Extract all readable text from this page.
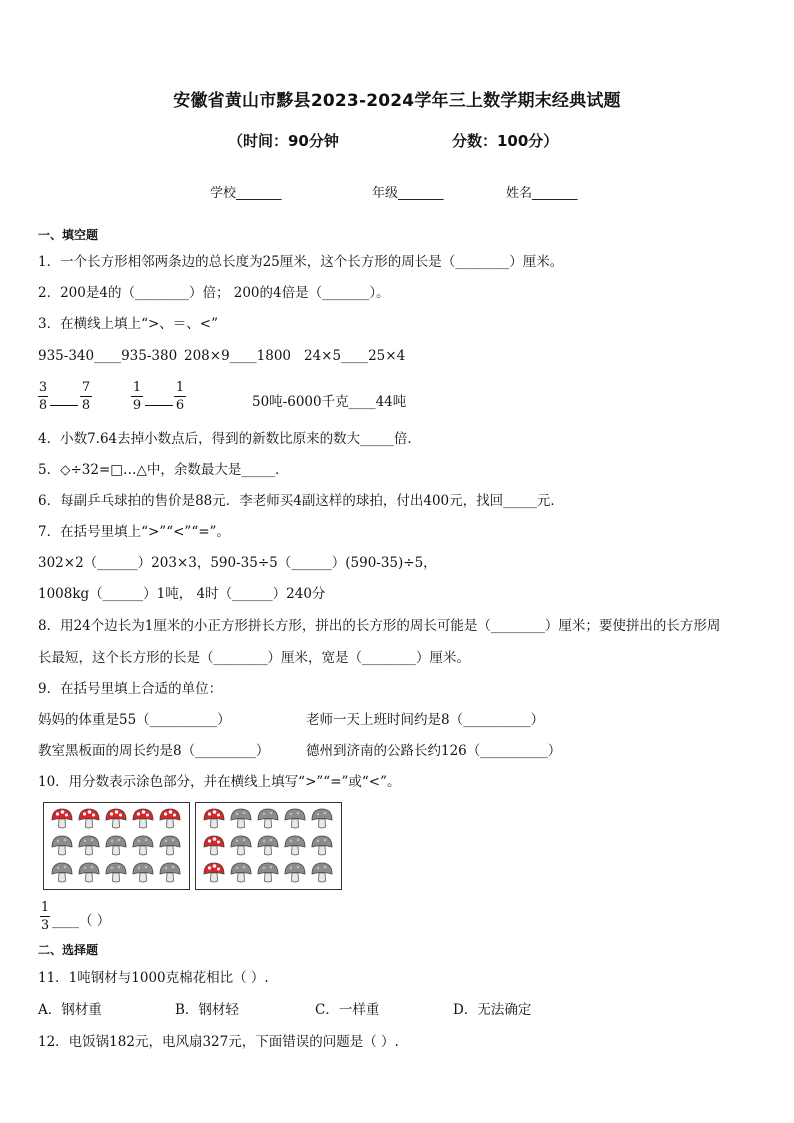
安徽省黄山市黟县2023-2024学年三上数学期末经典试题
（时间：90分钟	分数：100分）
学校_______	年级_______	姓名_______
一、填空题
1．一个长方形相邻两条边的总长度为25厘米，这个长方形的周长是（________）厘米。
2．200是4的（________）倍； 200的4倍是（_______）。
3．在横线上填上“>、＝、<”
935-340____935-380 208×9____1800 24×5____25×4
3
8
7
8
1
9
1
6	50吨-6000千克____44吨
4．小数7.64去掉小数点后，得到的新数比原来的数大_____倍．
5．◇÷32=□…△中，余数最大是_____．
6．每副乒乓球拍的售价是88元．李老师买4副这样的球拍，付出400元，找回_____元．
7．在括号里填上“>”“<”“=”。
302×2（______）203×3，590-35÷5（______）(590-35)÷5，
1008kg（______）1吨， 4时（______）240分
8．用24个边长为1厘米的小正方形拼长方形，拼出的长方形的周长可能是（________）厘米；要使拼出的长方形周
长最短，这个长方形的长是（________）厘米，宽是（________）厘米。
9．在括号里填上合适的单位：
妈妈的体重是55（__________）	老师一天上班时间约是8（__________）
教室黑板面的周长约是8（_________）	德州到济南的公路长约126（__________）
10．用分数表示涂色部分，并在横线上填写“>”“=”或“<”。
1
3 ____（ ）
二、选择题
11．1吨钢材与1000克棉花相比（ ）.
A．钢材重	B．钢材轻	C．一样重	D．无法确定
12．电饭锅182元，电风扇327元，下面错误的问题是（ ）.
